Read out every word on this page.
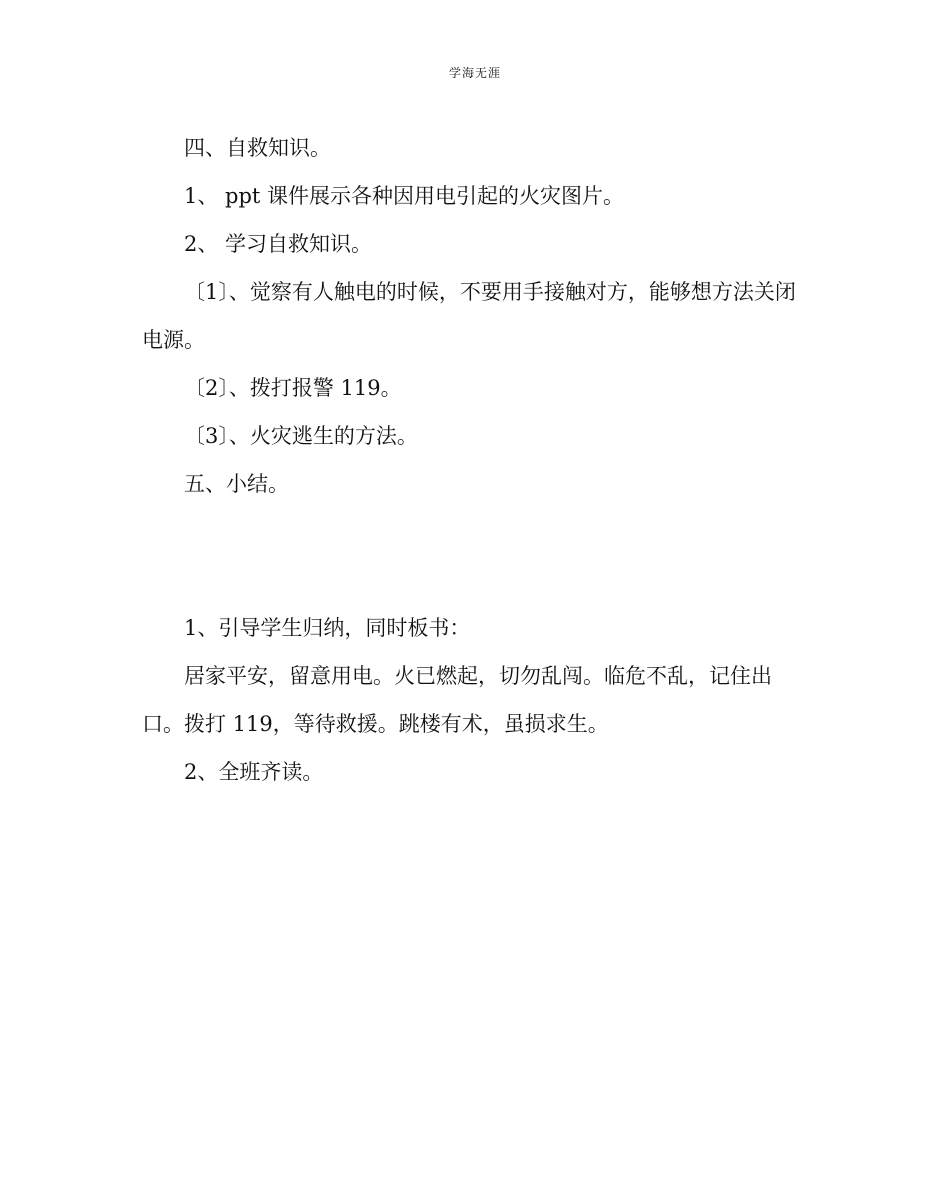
学海无涯

四、自救知识。

1、 ppt 课件展示各种因用电引起的火灾图片。

2、 学习自救知识。

〔1〕、觉察有人触电的时候，不要用手接触对方，能够想方法关闭电源。

〔2〕、拨打报警 119。

〔3〕、火灾逃生的方法。

五、小结。

1、引导学生归纳，同时板书：

居家平安，留意用电。火已燃起，切勿乱闯。临危不乱，记住出口。拨打 119，等待救援。跳楼有术，虽损求生。

2、全班齐读。
